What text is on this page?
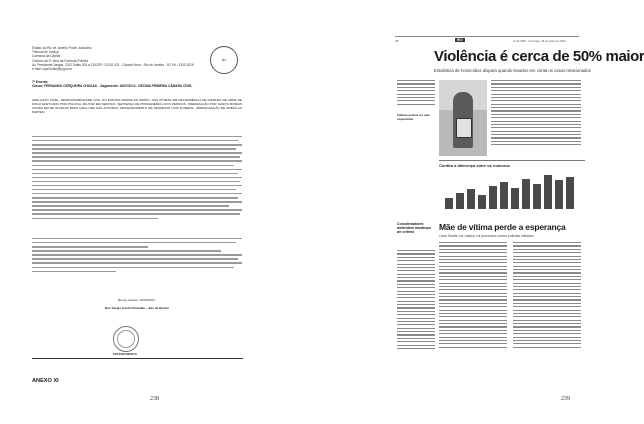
Estado do Rio de Janeiro Poder Judiciário
Tribunal de Justiça
Comarca da Capital
Cartório da 1ª Vara da Fazenda Pública
Av. Presidente Vargas, 2012 Salas 208 a 219CEP: 20210-031 - Cidade Nova - Rio de Janeiro - RJ Tel.: 3133-2016
e-mail: cap01vfaz@tjrj.jus.br
RJ
7ª Ementa
Classe: FERNANDO CERQUEIRA CHAGAS - Julgamento: 16/07/2014 - DÉCIMA PRIMEIRA CÂMARA CÍVEL
APELAÇÃO CÍVEL. RESPONSABILIDADE CIVIL DO ESTADO MORTE DO IRMÃO. DAS VÍTIMAS EM DECORRÊNCIA DE DISPARO DE ARMA DE FOGO EFETUADO POR POLICIAL MILITAR EM SERVIÇO. SENTENÇA DE PROCEDÊNCIA DOS PEDIDOS. INDENIZAÇÃO POR DANOS MORAIS FIXADA EM R$ 30.000,00 PARA CADA UMA DAS AUTORAS. RESSARCIMENTO DE DESPESAS COM FUNERAL. IRRESIGNAÇÃO DE AMBAS AS PARTES.
Rio de Janeiro, 22/10/2017.
Bel. Sergio Cunha Brandão - Juiz de Direito
ENCERRAMENTO
ANEXO XI
238	239
38	RIO	O GLOBO · Domingo, 25 de julho de 2004
Violência é cerca de 50% maior
Estatística de homicídios dispara quando levados em conta os casos relacionados
Vítimas podem ter sido esquecidas
Confira a diferença entre os números
Coordenadores defendem mudança de critério
Mãe de vítima perde a esperança
Caso Gisele: na Justiça, há processos contra policiais militares
